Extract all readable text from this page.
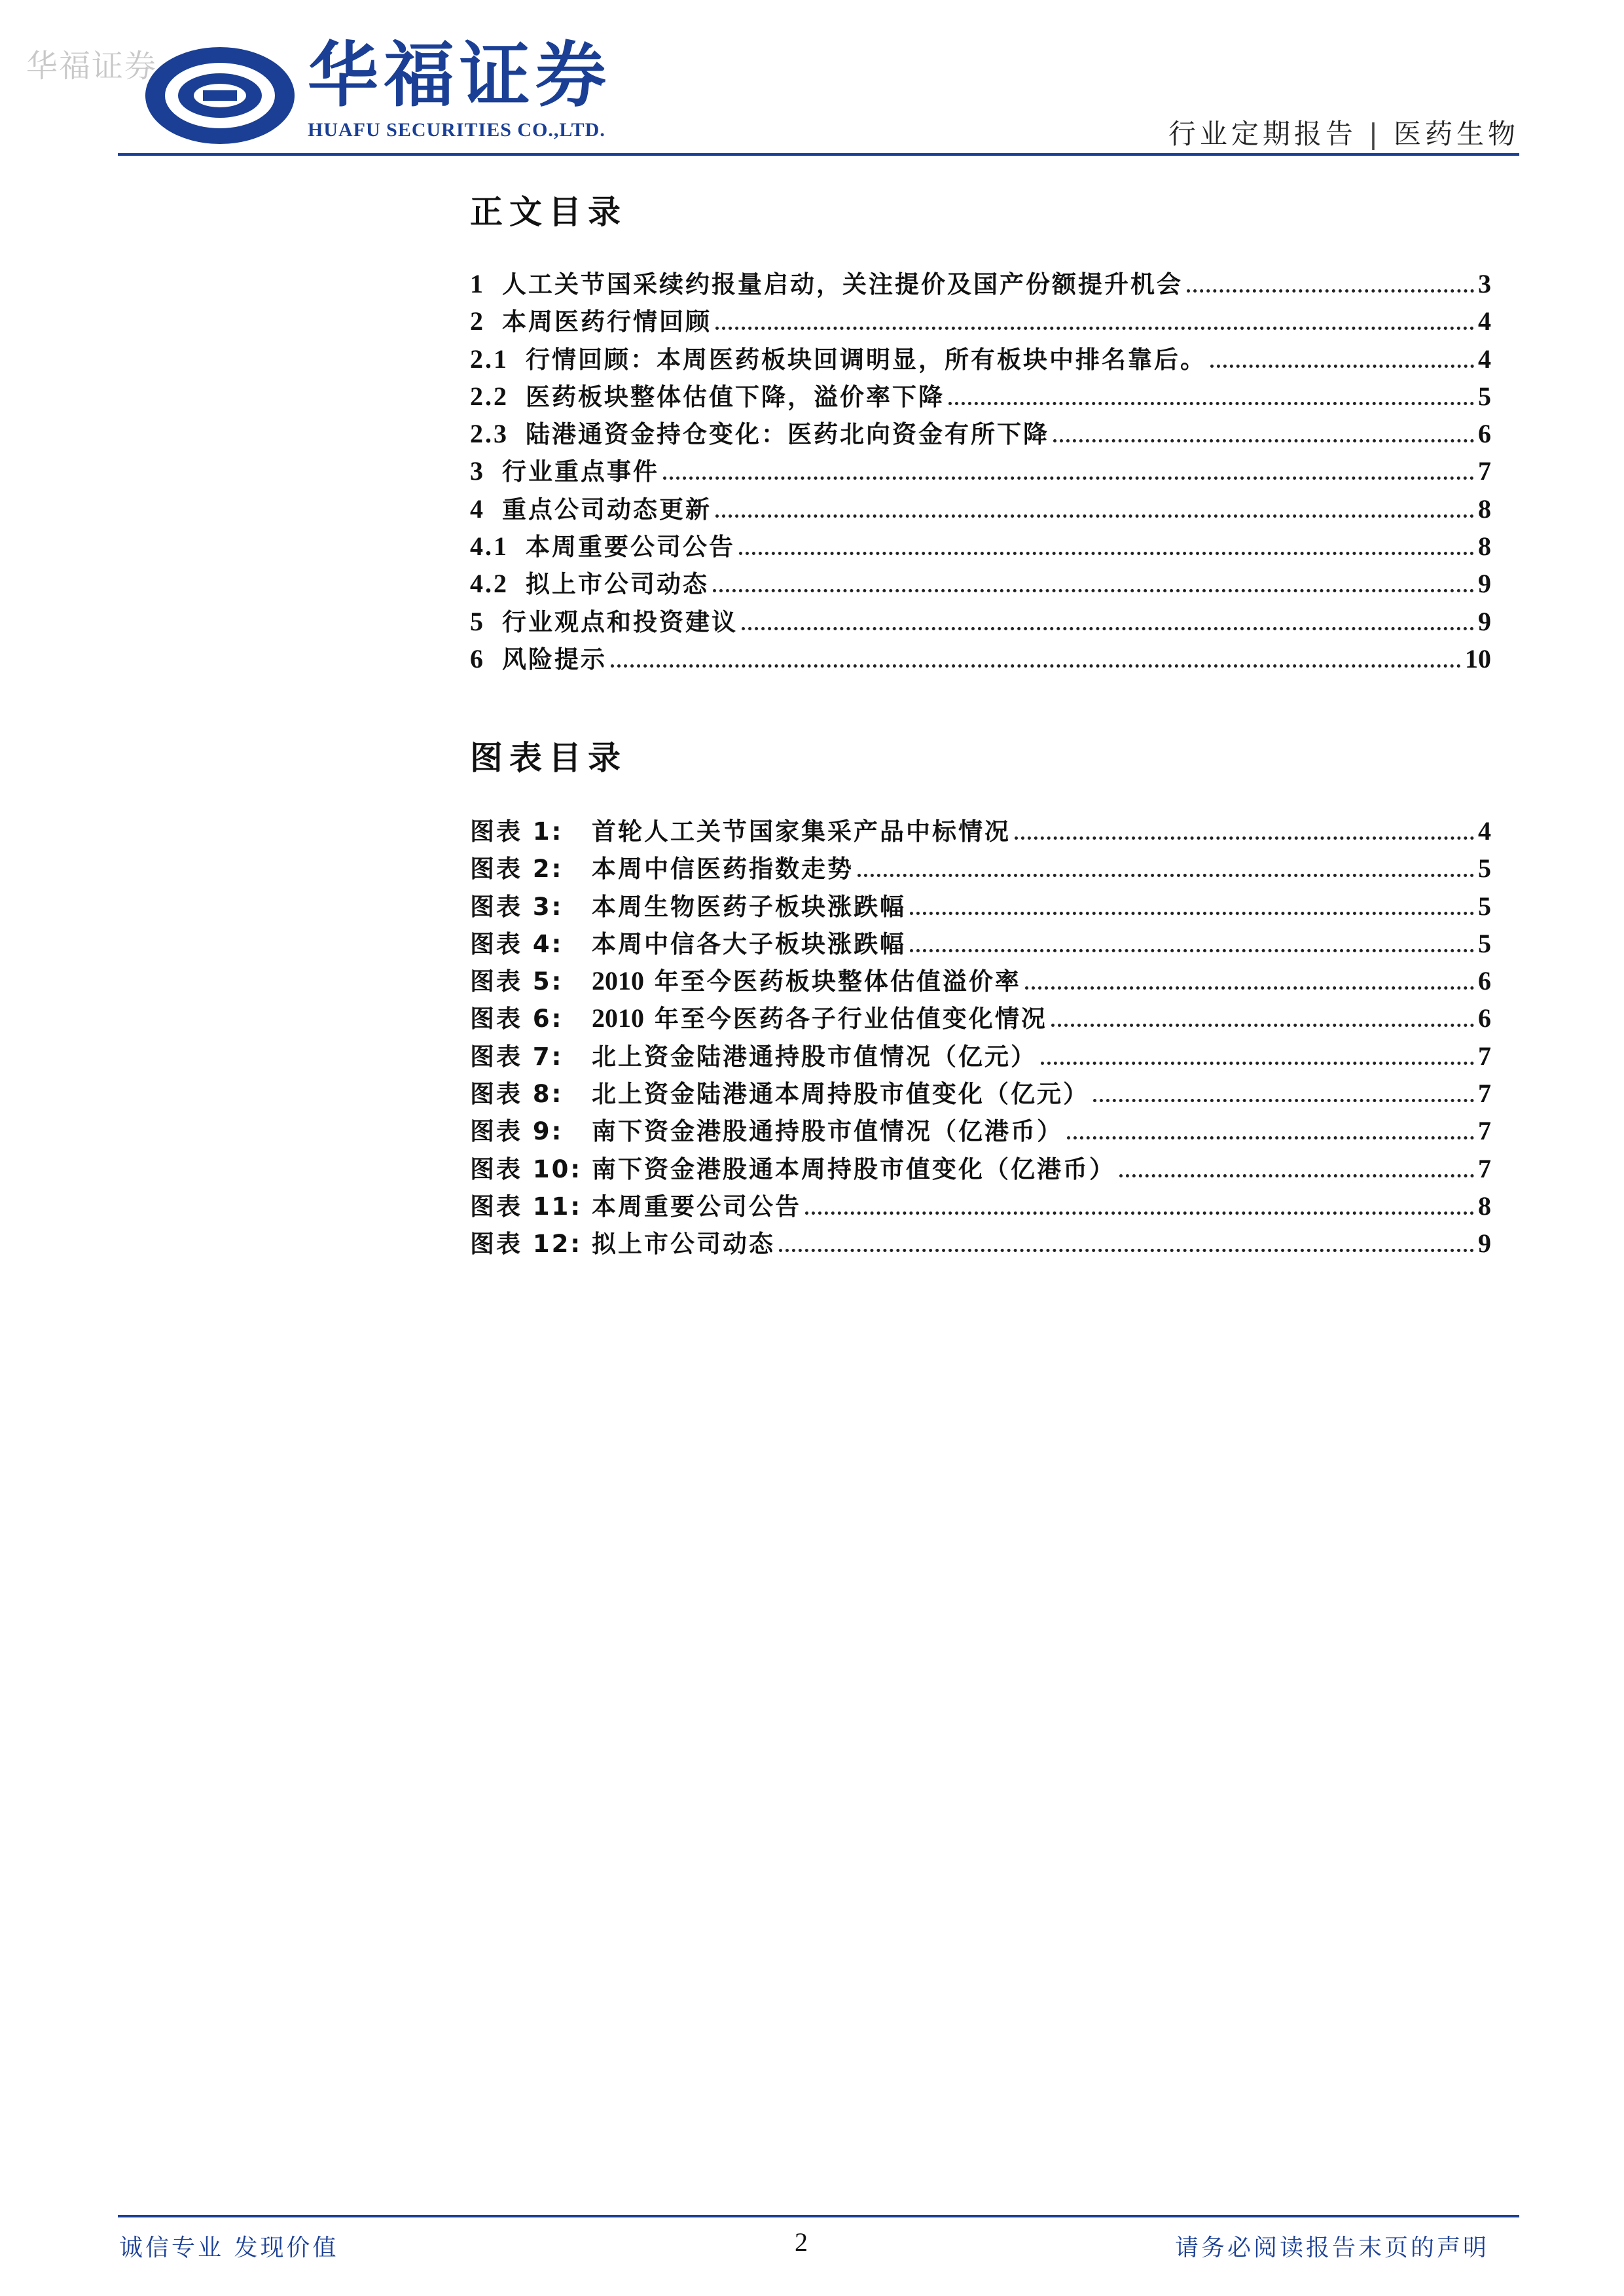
华福证券 华福证券
HUAFU SECURITIES CO.,LTD.	行业定期报告 | 医药生物
正文目录
1 人工关节国采续约报量启动，关注提价及国产份额提升机会	3
2 本周医药行情回顾	4
2.1 行情回顾：本周医药板块回调明显，所有板块中排名靠后。	4
2.2 医药板块整体估值下降，溢价率下降	5
2.3 陆港通资金持仓变化：医药北向资金有所下降	6
3 行业重点事件	7
4 重点公司动态更新	8
4.1 本周重要公司公告	8
4.2 拟上市公司动态	9
5 行业观点和投资建议	9
6 风险提示	10
图表目录
图表 1:	首轮人工关节国家集采产品中标情况	4
图表 2:	本周中信医药指数走势	5
图表 3:	本周生物医药子板块涨跌幅	5
图表 4:	本周中信各大子板块涨跌幅	5
图表 5:	2010 年至今医药板块整体估值溢价率	6
图表 6:	2010 年至今医药各子行业估值变化情况	6
图表 7:	北上资金陆港通持股市值情况（亿元）	7
图表 8:	北上资金陆港通本周持股市值变化（亿元）	7
图表 9:	南下资金港股通持股市值情况（亿港币）	7
图表 10: 南下资金港股通本周持股市值变化（亿港币）	7
图表 11: 本周重要公司公告	8
图表 12: 拟上市公司动态	9
诚信专业 发现价值	2	请务必阅读报告末页的声明
